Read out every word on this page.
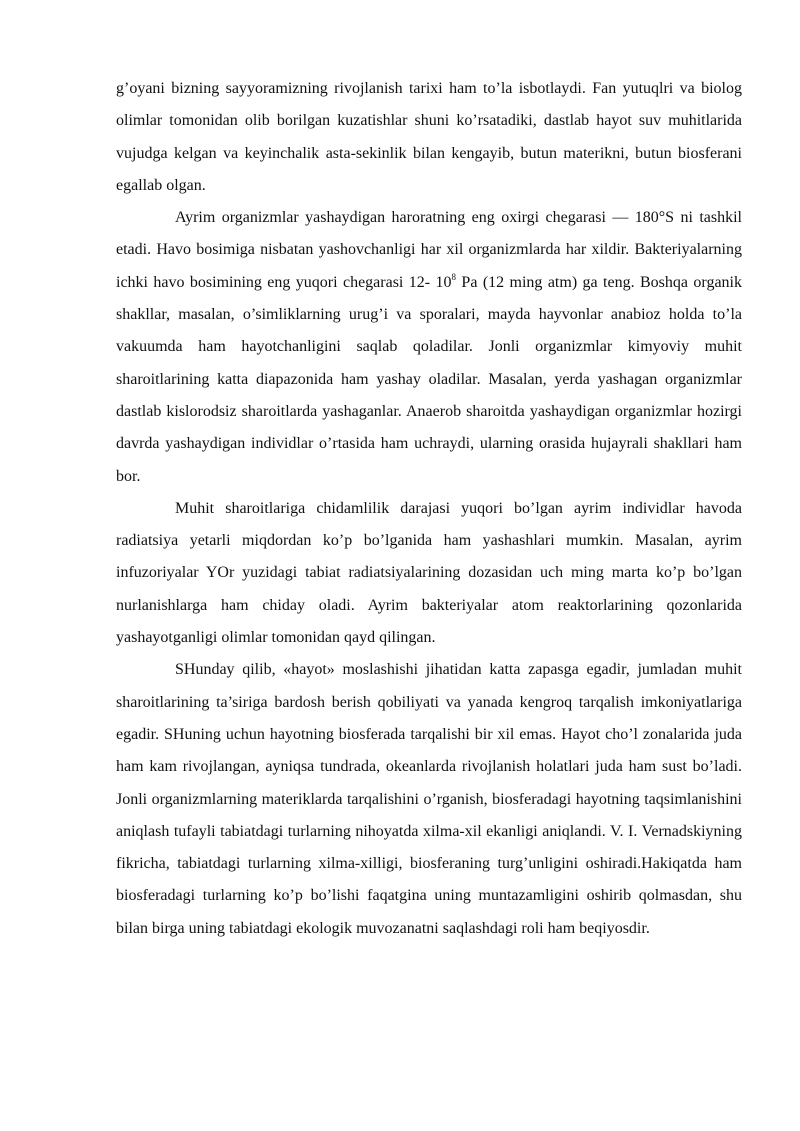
g’oyani bizning sayyoramizning rivojlanish tarixi ham to’la isbotlaydi. Fan yutuqlri va biolog olimlar tomonidan olib borilgan kuzatishlar shuni ko’rsatadiki, dastlab hayot suv muhitlarida vujudga kelgan va keyinchalik asta-sekinlik bilan kengayib, butun materikni, butun biosferani egallab olgan.

Ayrim organizmlar yashaydigan haroratning eng oxirgi chegarasi — 180°S ni tashkil etadi. Havo bosimiga nisbatan yashovchanligi har xil organizmlarda har xildir. Bakteriyalarning ichki havo bosimining eng yuqori chegarasi 12- $10^8$ Pa (12 ming atm) ga teng. Boshqa organik shakllar, masalan, o’simliklarning urug’i va sporalari, mayda hayvonlar anabioz holda to’la vakuumda ham hayotchanligini saqlab qoladilar. Jonli organizmlar kimyoviy muhit sharoitlarining katta diapazonida ham yashay oladilar. Masalan, yerda yashagan organizmlar dastlab kislorodsiz sharoitlarda yashaganlar. Anaerob sharoitda yashaydigan organizmlar hozirgi davrda yashaydigan individlar o’rtasida ham uchraydi, ularning orasida hujayrali shakllari ham bor.

Muhit sharoitlariga chidamlilik darajasi yuqori bo’lgan ayrim individlar havoda radiatsiya yetarli miqdordan ko’p bo’lganida ham yashashlari mumkin. Masalan, ayrim infuzoriyalar YOr yuzidagi tabiat radiatsiyalarining dozasidan uch ming marta ko’p bo’lgan nurlanishlarga ham chiday oladi. Ayrim bakteriyalar atom reaktorlarining qozonlarida yashayotganligi olimlar tomonidan qayd qilingan.

SHunday qilib, «hayot» moslashishi jihatidan katta zapasga egadir, jumladan muhit sharoitlarining ta’siriga bardosh berish qobiliyati va yanada kengroq tarqalish imkoniyatlariga egadir. SHuning uchun hayotning biosferada tarqalishi bir xil emas. Hayot cho’l zonalarida juda ham kam rivojlangan, ayniqsa tundrada, okeanlarda rivojlanish holatlari juda ham sust bo’ladi. Jonli organizmlarning materiklarda tarqalishini o’rganish, biosferadagi hayotning taqsimlanishini aniqlash tufayli tabiatdagi turlarning nihoyatda xilma-xil ekanligi aniqlandi. V. I. Vernadskiyning fikricha, tabiatdagi turlarning xilma-xilligi, biosferaning turg’unligini oshiradi.Hakiqatda ham biosferadagi turlarning ko’p bo’lishi faqatgina uning muntazamligini oshirib qolmasdan, shu bilan birga uning tabiatdagi ekologik muvozanatni saqlashdagi roli ham beqiyosdir.
